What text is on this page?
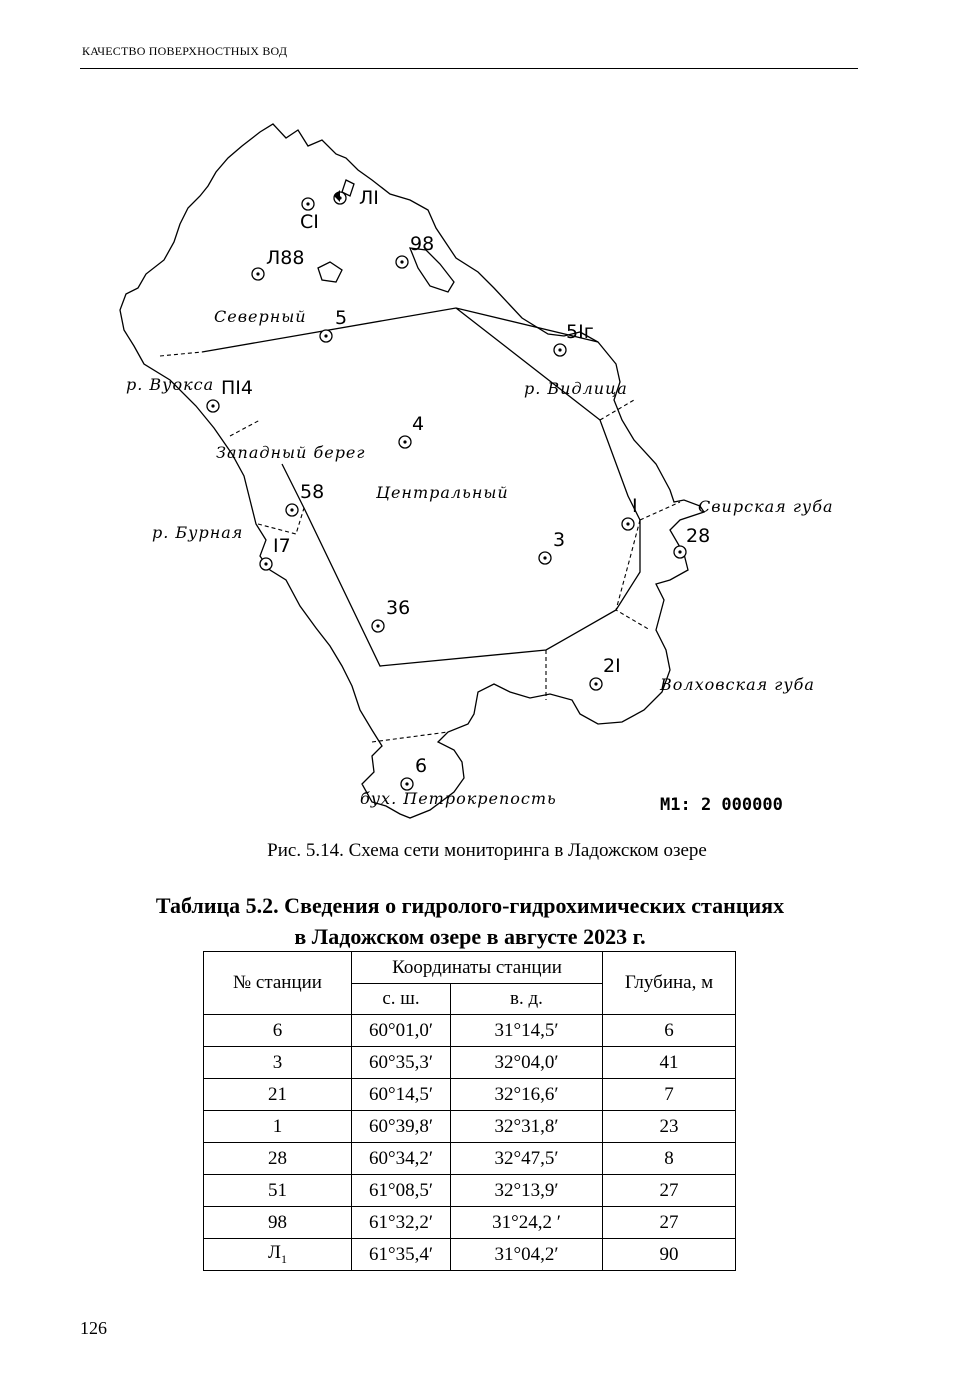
КАЧЕСТВО ПОВЕРХНОСТНЫХ ВОД
ЛI
CI
98
Л88
5
5Iг
ПI4
4
58
I
28
I7	3
36
2I
6
Северный
р. Вуокса	р. Видлица
Западный берег
Центральный
Свирская губа
р. Бурная
Волховская губа
бух. Петрокрепость	М1: 2 000000
Рис. 5.14. Схема сети мониторинга в Ладожском озере
Таблица 5.2. Сведения о гидролого-гидрохимических станциях
в Ладожском озере в августе 2023 г.
№ станции	Координаты станции		Глубина, м
	с. ш.	в. д.	
6	60°01,0′	31°14,5′	6
3	60°35,3′	32°04,0′	41
21	60°14,5′	32°16,6′	7
1	60°39,8′	32°31,8′	23
28	60°34,2′	32°47,5′	8
51	61°08,5′	32°13,9′	27
98	61°32,2′	31°24,2 ′	27
$Л_1$	61°35,4′	31°04,2′	90
126
